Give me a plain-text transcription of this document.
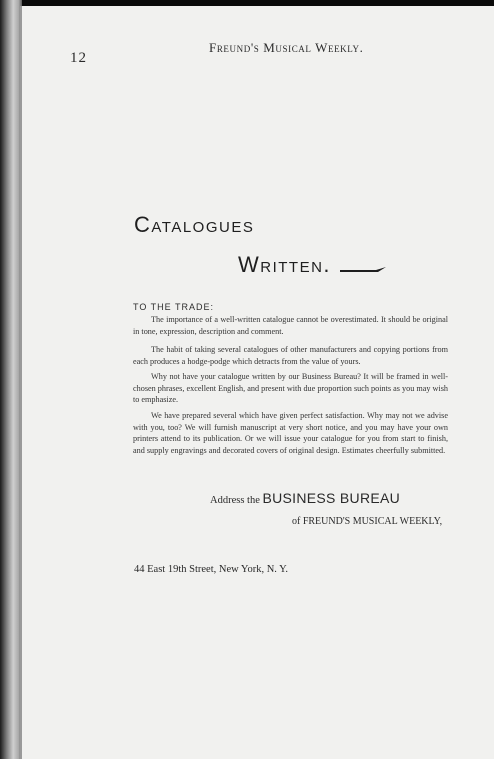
12
Freund's Musical Weekly.
Catalogues
Written.
TO THE TRADE:

The importance of a well-written catalogue cannot be overestimated. It should be original in tone, expression, description and comment.

The habit of taking several catalogues of other manufacturers and copying portions from each produces a hodge-podge which detracts from the value of yours.

Why not have your catalogue written by our Business Bureau? It will be framed in well-chosen phrases, excellent English, and present with due proportion such points as you may wish to emphasize.

We have prepared several which have given perfect satisfaction. Why may not we advise with you, too? We will furnish manuscript at very short notice, and you may have your own printers attend to its publication. Or we will issue your catalogue for you from start to finish, and supply engravings and decorated covers of original design. Estimates cheerfully submitted.

Address the BUSINESS BUREAU
of FREUND'S MUSICAL WEEKLY,
44 East 19th Street, New York, N. Y.
